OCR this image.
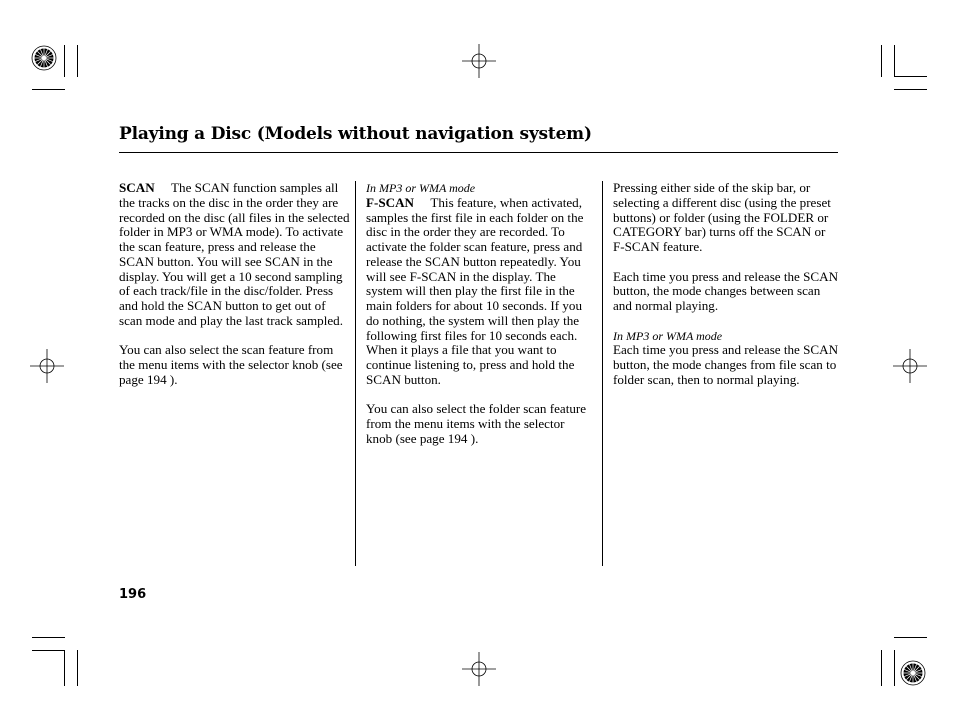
Playing a Disc (Models without navigation system)

SCAN The SCAN function samples all the tracks on the disc in the order they are recorded on the disc (all files in the selected folder in MP3 or WMA mode). To activate the scan feature, press and release the SCAN button. You will see SCAN in the display. You will get a 10 second sampling of each track/file in the disc/folder. Press and hold the SCAN button to get out of scan mode and play the last track sampled.

You can also select the scan feature from the menu items with the selector knob (see page 194 ).

In MP3 or WMA mode

F-SCAN This feature, when activated, samples the first file in each folder on the disc in the order they are recorded. To activate the folder scan feature, press and release the SCAN button repeatedly. You will see F-SCAN in the display. The system will then play the first file in the main folders for about 10 seconds. If you do nothing, the system will then play the following first files for 10 seconds each. When it plays a file that you want to continue listening to, press and hold the SCAN button.

You can also select the folder scan feature from the menu items with the selector knob (see page 194 ).

Pressing either side of the skip bar, or selecting a different disc (using the preset buttons) or folder (using the FOLDER or CATEGORY bar) turns off the SCAN or F-SCAN feature.

Each time you press and release the SCAN button, the mode changes between scan and normal playing.

In MP3 or WMA mode

Each time you press and release the SCAN button, the mode changes from file scan to folder scan, then to normal playing.

196
